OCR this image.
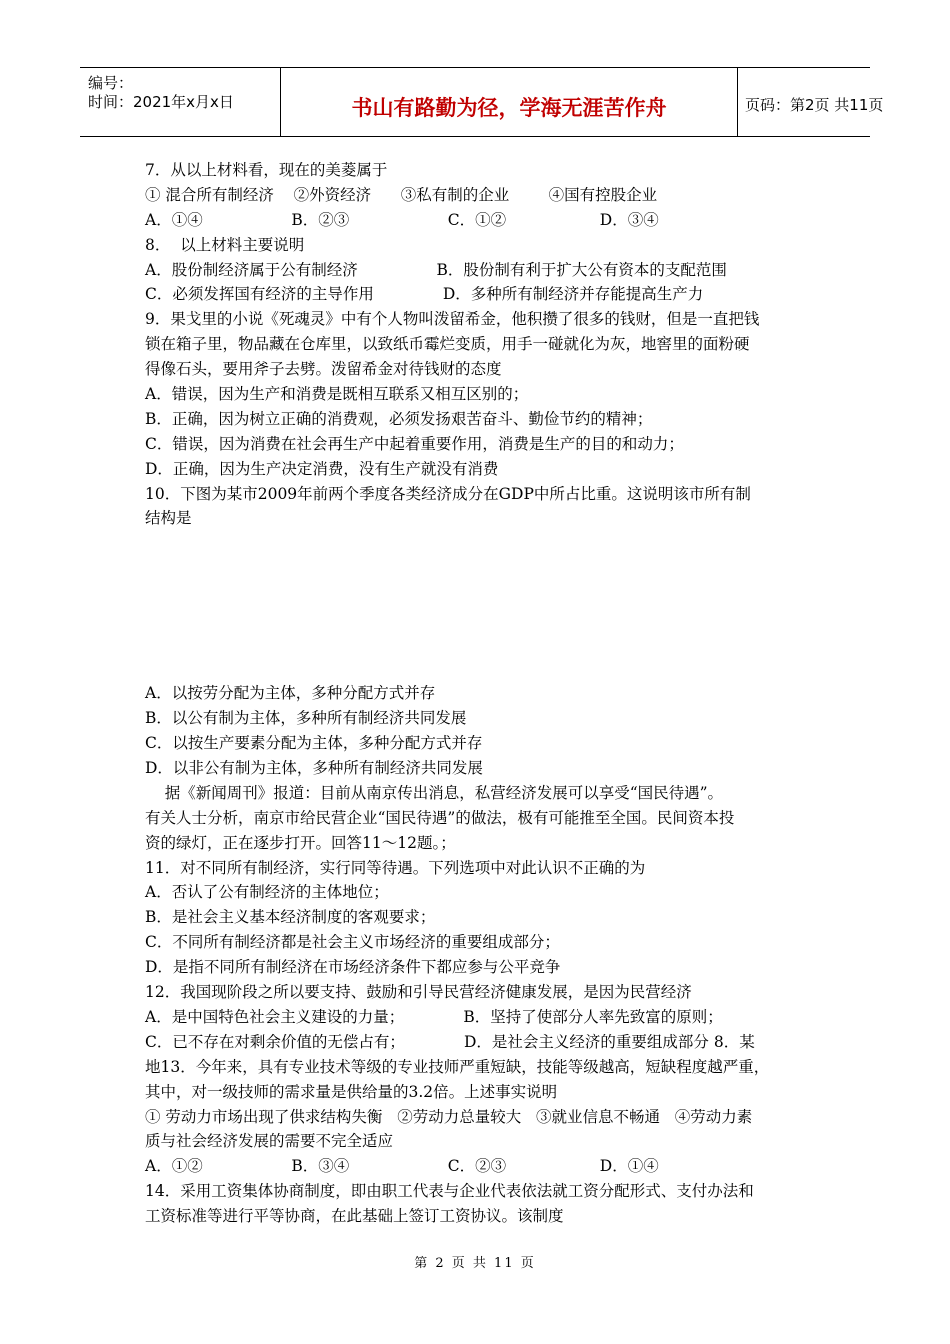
编号：
时间：2021年x月x日	书山有路勤为径，学海无涯苦作舟	页码：第2页 共11页
7．从以上材料看，现在的美菱属于
① 混合所有制经济    ②外资经济      ③私有制的企业        ④国有控股企业
A．①④                  B．②③                    C．①②                   D．③④
8．  以上材料主要说明
A．股份制经济属于公有制经济                B．股份制有利于扩大公有资本的支配范围
C．必须发挥国有经济的主导作用              D．多种所有制经济并存能提高生产力
9．果戈里的小说《死魂灵》中有个人物叫泼留希金，他积攒了很多的钱财，但是一直把钱
锁在箱子里，物品藏在仓库里，以致纸币霉烂变质，用手一碰就化为灰，地窖里的面粉硬
得像石头，要用斧子去劈。泼留希金对待钱财的态度
A．错误，因为生产和消费是既相互联系又相互区别的；
B．正确，因为树立正确的消费观，必须发扬艰苦奋斗、勤俭节约的精神；
C．错误，因为消费在社会再生产中起着重要作用，消费是生产的目的和动力；
D．正确，因为生产决定消费，没有生产就没有消费
10．下图为某市2009年前两个季度各类经济成分在GDP中所占比重。这说明该市所有制
结构是
A．以按劳分配为主体，多种分配方式并存
B．以公有制为主体，多种所有制经济共同发展
C．以按生产要素分配为主体，多种分配方式并存
D．以非公有制为主体，多种所有制经济共同发展
据《新闻周刊》报道：目前从南京传出消息，私营经济发展可以享受“国民待遇”。
有关人士分析，南京市给民营企业“国民待遇”的做法，极有可能推至全国。民间资本投
资的绿灯，正在逐步打开。回答11～12题。；
11．对不同所有制经济，实行同等待遇。下列选项中对此认识不正确的为
A．否认了公有制经济的主体地位；
B．是社会主义基本经济制度的客观要求；
C．不同所有制经济都是社会主义市场经济的重要组成部分；
D．是指不同所有制经济在市场经济条件下都应参与公平竞争
12．我国现阶段之所以要支持、鼓励和引导民营经济健康发展，是因为民营经济
A．是中国特色社会主义建设的力量；            B．坚持了使部分人率先致富的原则；
C．已不存在对剩余价值的无偿占有；            D．是社会主义经济的重要组成部分 8．某
地13．今年来，具有专业技术等级的专业技师严重短缺，技能等级越高，短缺程度越严重，
其中，对一级技师的需求量是供给量的3.2倍。上述事实说明
① 劳动力市场出现了供求结构失衡   ②劳动力总量较大   ③就业信息不畅通   ④劳动力素
质与社会经济发展的需要不完全适应
A．①②                  B．③④                    C．②③                   D．①④
14．采用工资集体协商制度，即由职工代表与企业代表依法就工资分配形式、支付办法和
工资标准等进行平等协商，在此基础上签订工资协议。该制度
第 2 页 共 11 页
